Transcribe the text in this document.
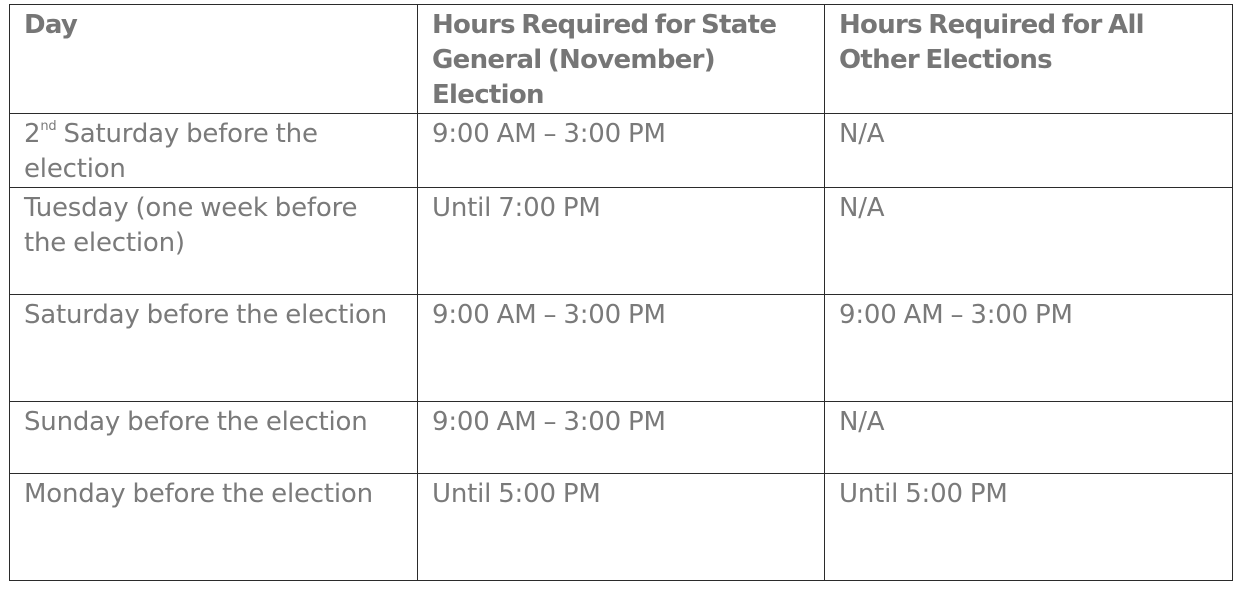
Day	Hours Required for State General (November) Election	Hours Required for All Other Elections
2nd Saturday before the election	9:00 AM – 3:00 PM	N/A
Tuesday (one week before the election)	Until 7:00 PM	N/A
Saturday before the election	9:00 AM – 3:00 PM	9:00 AM – 3:00 PM
Sunday before the election	9:00 AM – 3:00 PM	N/A
Monday before the election	Until 5:00 PM	Until 5:00 PM
